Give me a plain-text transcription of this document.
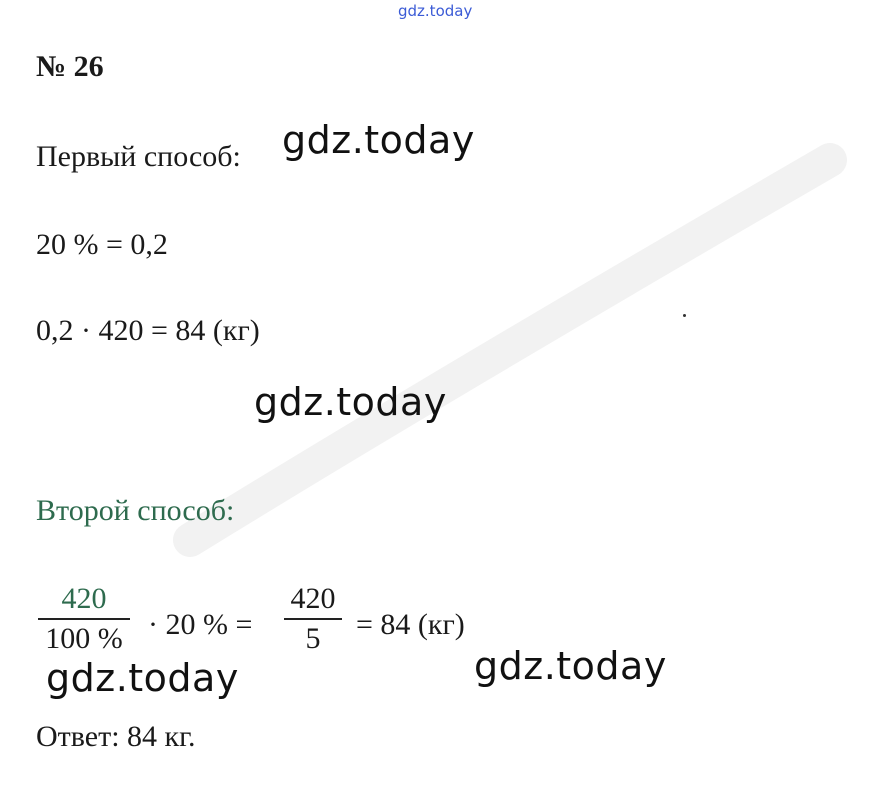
gdz.today
№ 26
Первый способ: gdz.today
20 % = 0,2
0,2 · 420 = 84 (кг)
gdz.today
Второй способ:
420
100 % · 20 % =
420
5	= 84 (кг)
gdz.today	gdz.today
Ответ: 84 кг.
